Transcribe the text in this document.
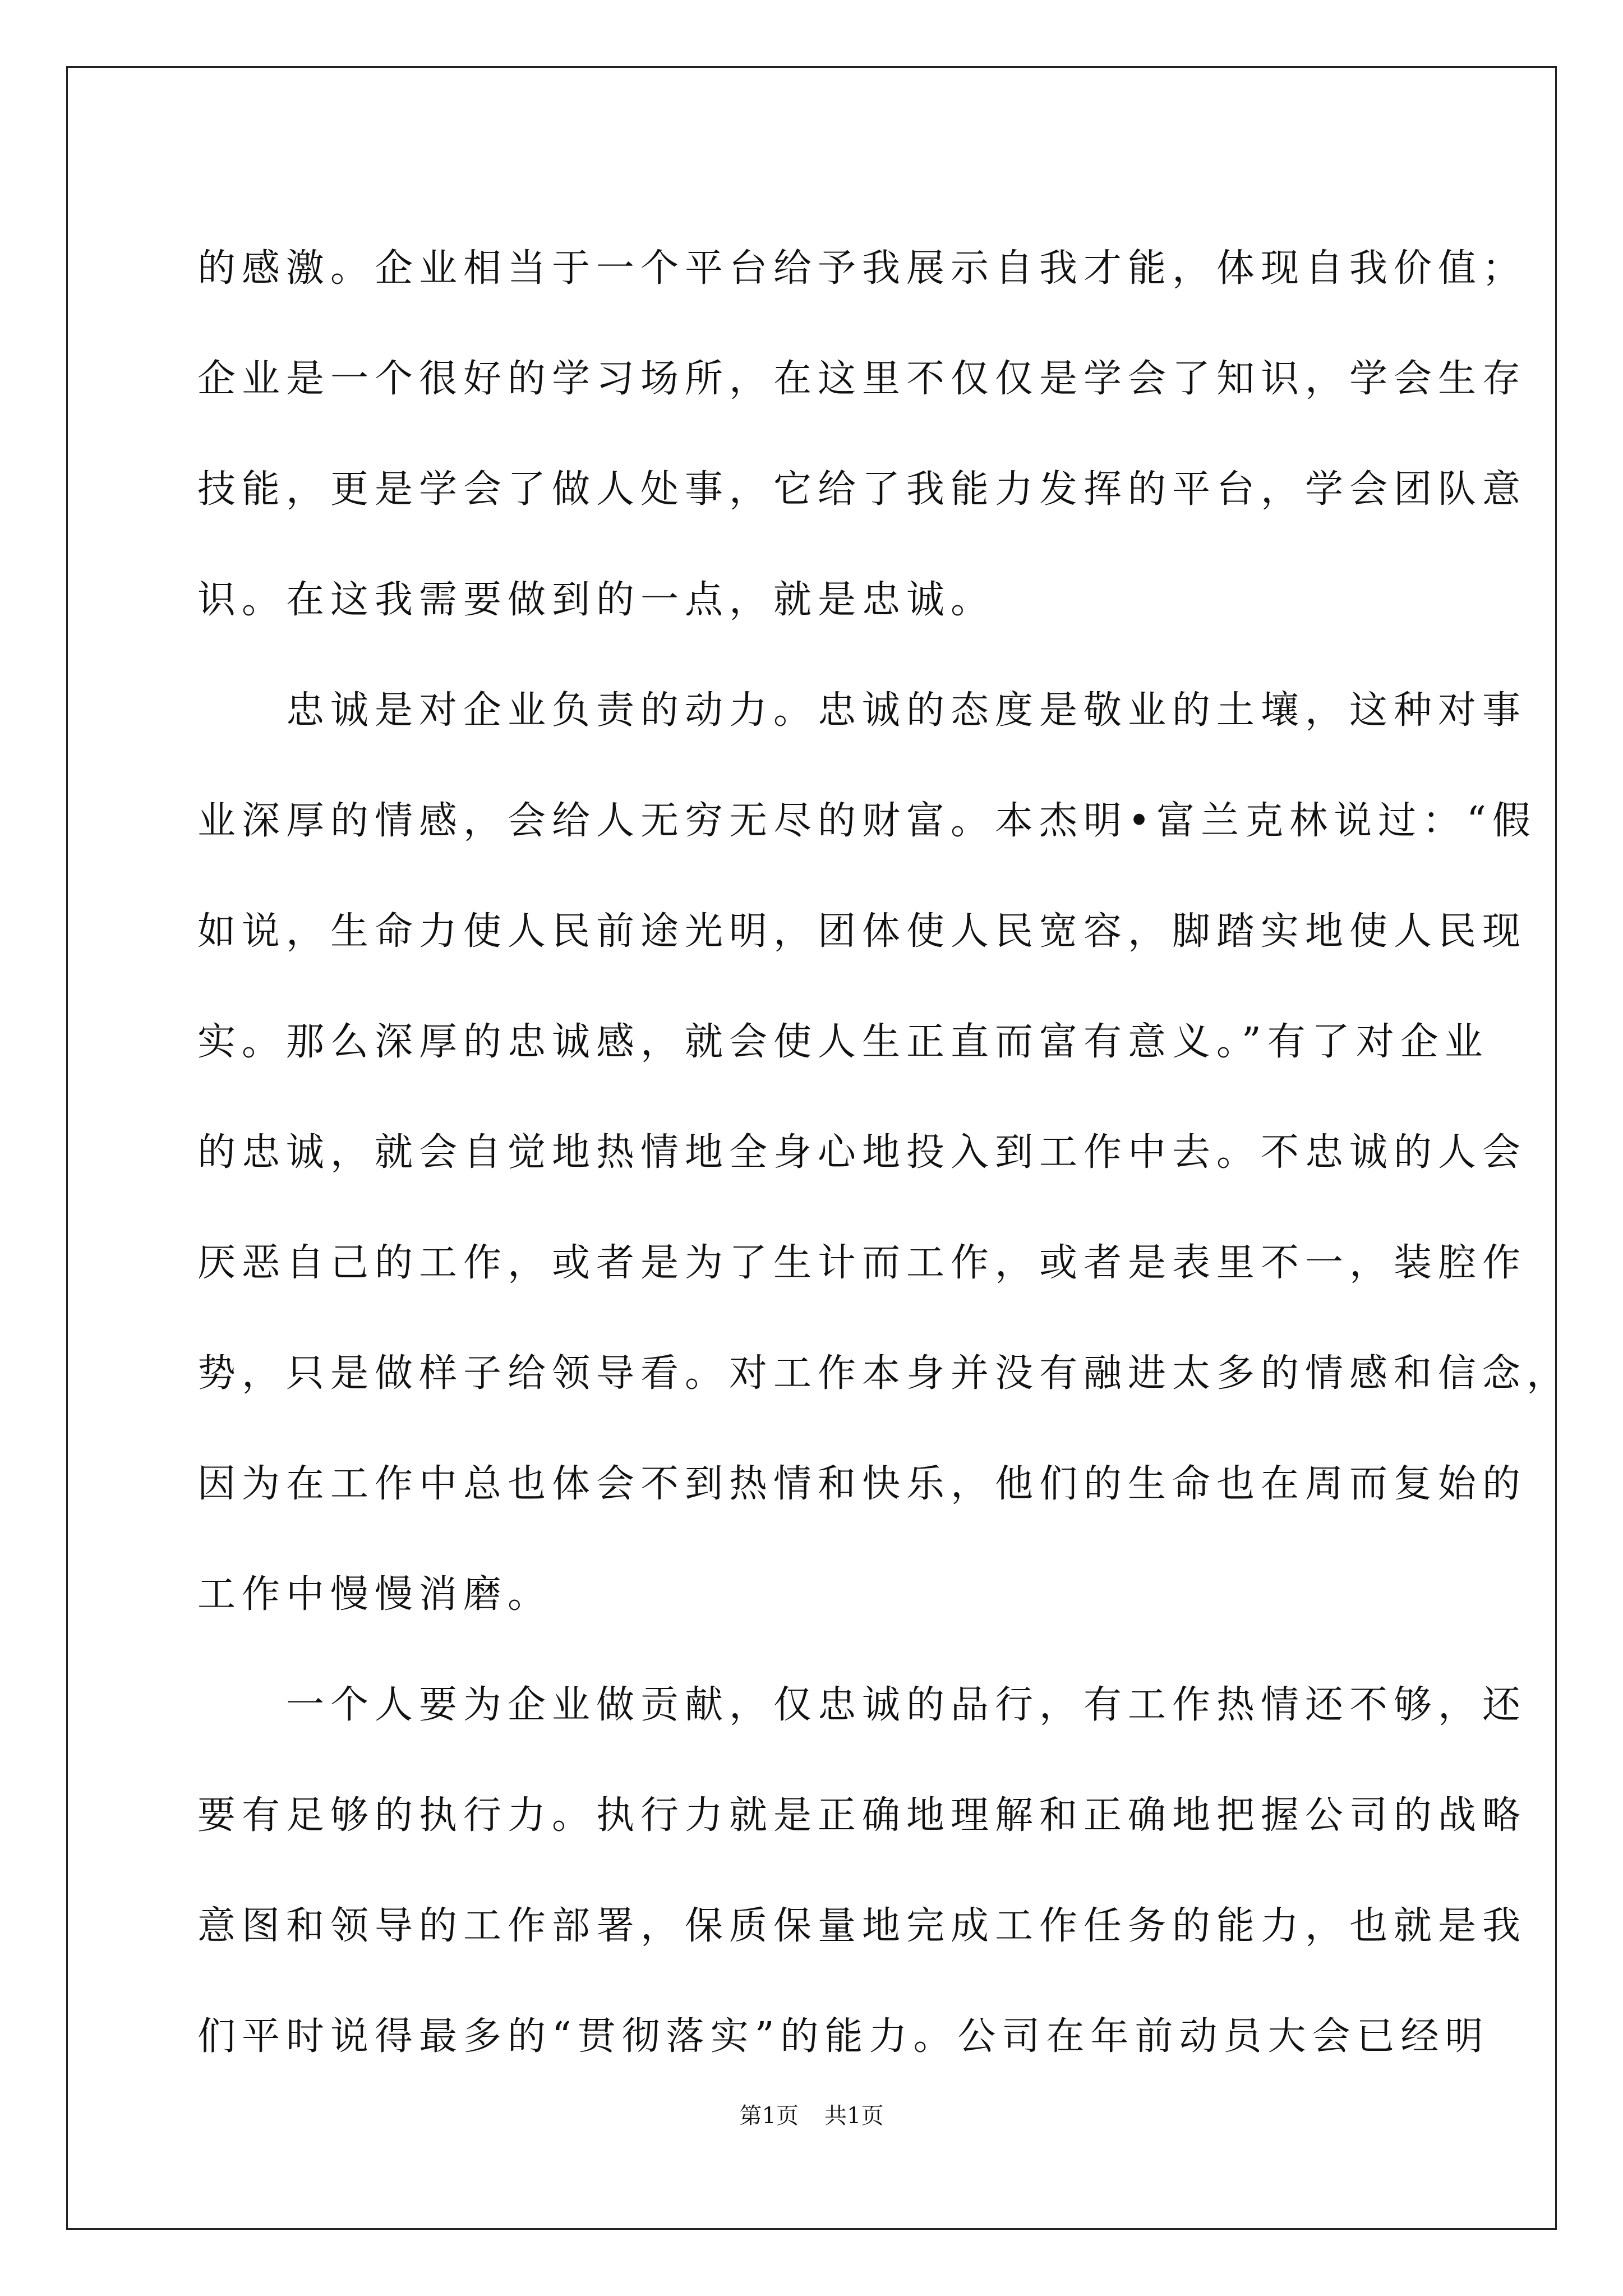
的感激。企业相当于一个平台给予我展示自我才能，体现自我价值；
企业是一个很好的学习场所，在这里不仅仅是学会了知识，学会生存
技能，更是学会了做人处事，它给了我能力发挥的平台，学会团队意
识。在这我需要做到的一点，就是忠诚。

忠诚是对企业负责的动力。忠诚的态度是敬业的土壤，这种对事
业深厚的情感，会给人无穷无尽的财富。本杰明•富兰克林说过：“假
如说，生命力使人民前途光明，团体使人民宽容，脚踏实地使人民现
实。那么深厚的忠诚感，就会使人生正直而富有意义。”有了对企业
的忠诚，就会自觉地热情地全身心地投入到工作中去。不忠诚的人会
厌恶自己的工作，或者是为了生计而工作，或者是表里不一，装腔作
势，只是做样子给领导看。对工作本身并没有融进太多的情感和信念，
因为在工作中总也体会不到热情和快乐，他们的生命也在周而复始的
工作中慢慢消磨。

一个人要为企业做贡献，仅忠诚的品行，有工作热情还不够，还
要有足够的执行力。执行力就是正确地理解和正确地把握公司的战略
意图和领导的工作部署，保质保量地完成工作任务的能力，也就是我
们平时说得最多的“贯彻落实”的能力。公司在年前动员大会已经明

第1页 共1页
